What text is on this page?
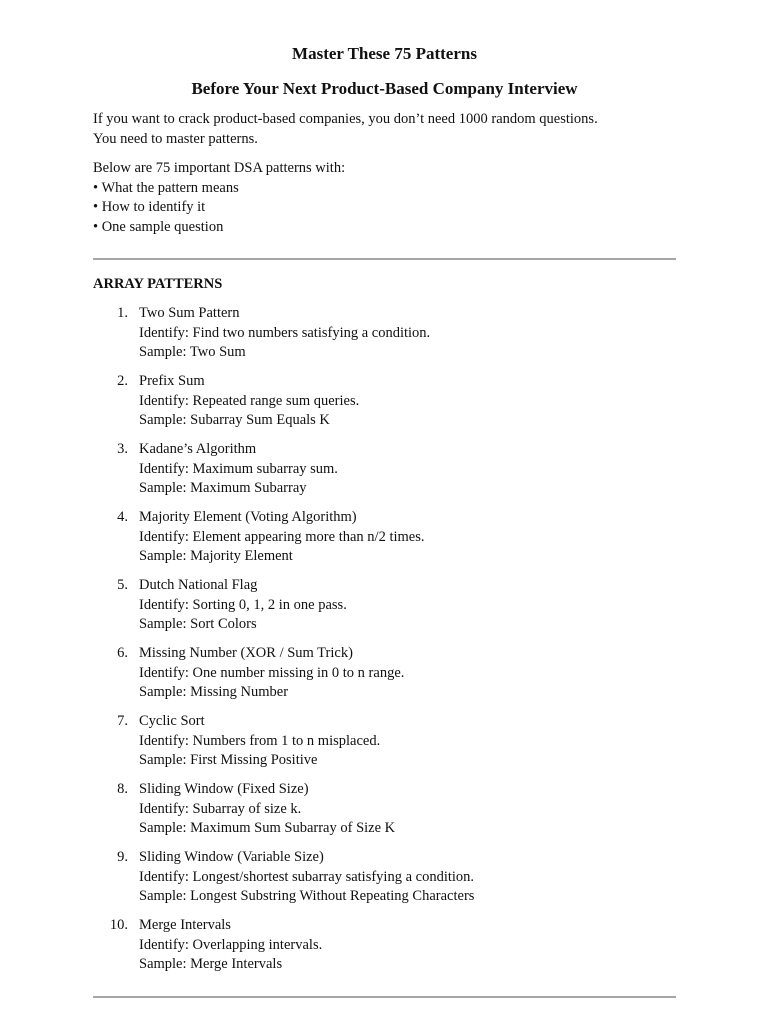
Master These 75 Patterns
Before Your Next Product-Based Company Interview

If you want to crack product-based companies, you don’t need 1000 random questions.

You need to master patterns.

Below are 75 important DSA patterns with:

• What the pattern means

• How to identify it

• One sample question

ARRAY PATTERNS
1. Two Sum Pattern
Identify: Find two numbers satisfying a condition.
Sample: Two Sum
2. Prefix Sum
Identify: Repeated range sum queries.
Sample: Subarray Sum Equals K
3. Kadane’s Algorithm
Identify: Maximum subarray sum.
Sample: Maximum Subarray
4. Majority Element (Voting Algorithm)
Identify: Element appearing more than n/2 times.
Sample: Majority Element
5. Dutch National Flag
Identify: Sorting 0, 1, 2 in one pass.
Sample: Sort Colors
6. Missing Number (XOR / Sum Trick)
Identify: One number missing in 0 to n range.
Sample: Missing Number
7. Cyclic Sort
Identify: Numbers from 1 to n misplaced.
Sample: First Missing Positive
8. Sliding Window (Fixed Size)
Identify: Subarray of size k.
Sample: Maximum Sum Subarray of Size K
9. Sliding Window (Variable Size)
Identify: Longest/shortest subarray satisfying a condition.
Sample: Longest Substring Without Repeating Characters
10. Merge Intervals
Identify: Overlapping intervals.
Sample: Merge Intervals
